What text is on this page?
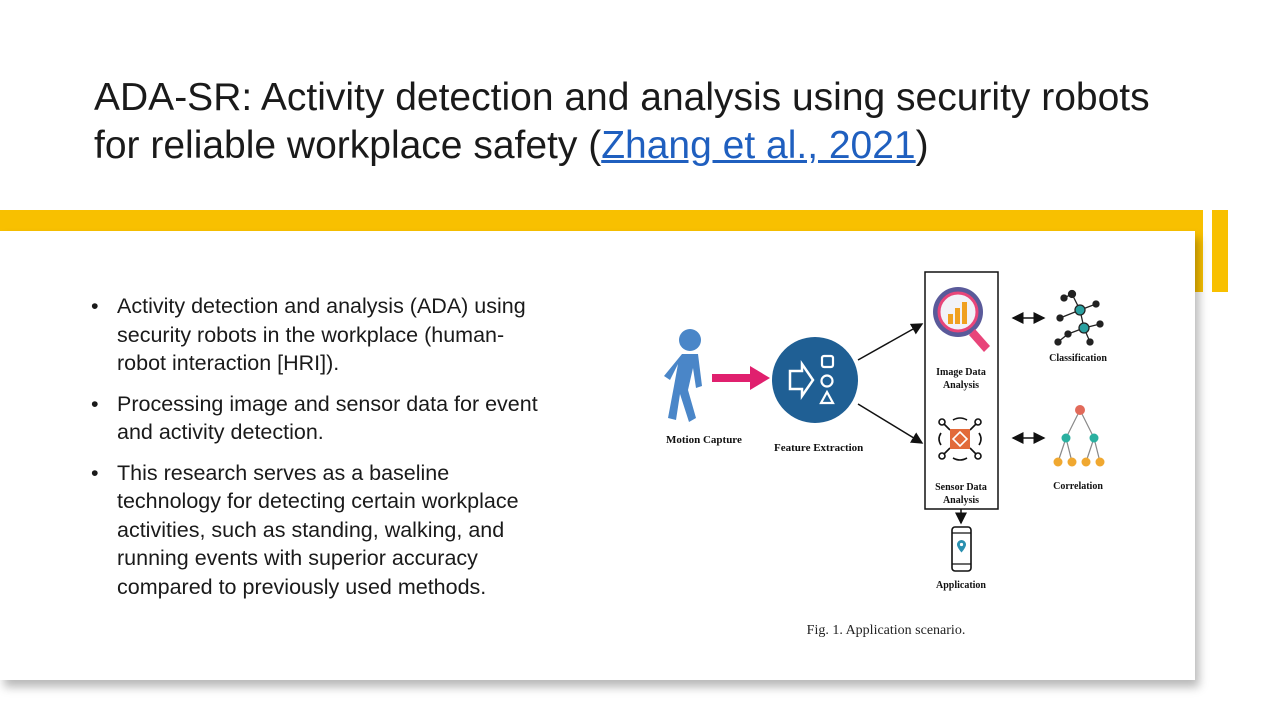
ADA-SR: Activity detection and analysis using security robots for reliable workplace safety (Zhang et al., 2021)
• Activity detection and analysis (ADA) using security robots in the workplace (human-robot interaction [HRI]).
• Processing image and sensor data for event and activity detection.
• This research serves as a baseline technology for detecting certain workplace activities, such as standing, walking, and running events with superior accuracy compared to previously used methods.
Motion Capture
Feature Extraction
Image Data
Analysis
Sensor Data
Analysis
Classification
Correlation
Application
Fig. 1. Application scenario.
